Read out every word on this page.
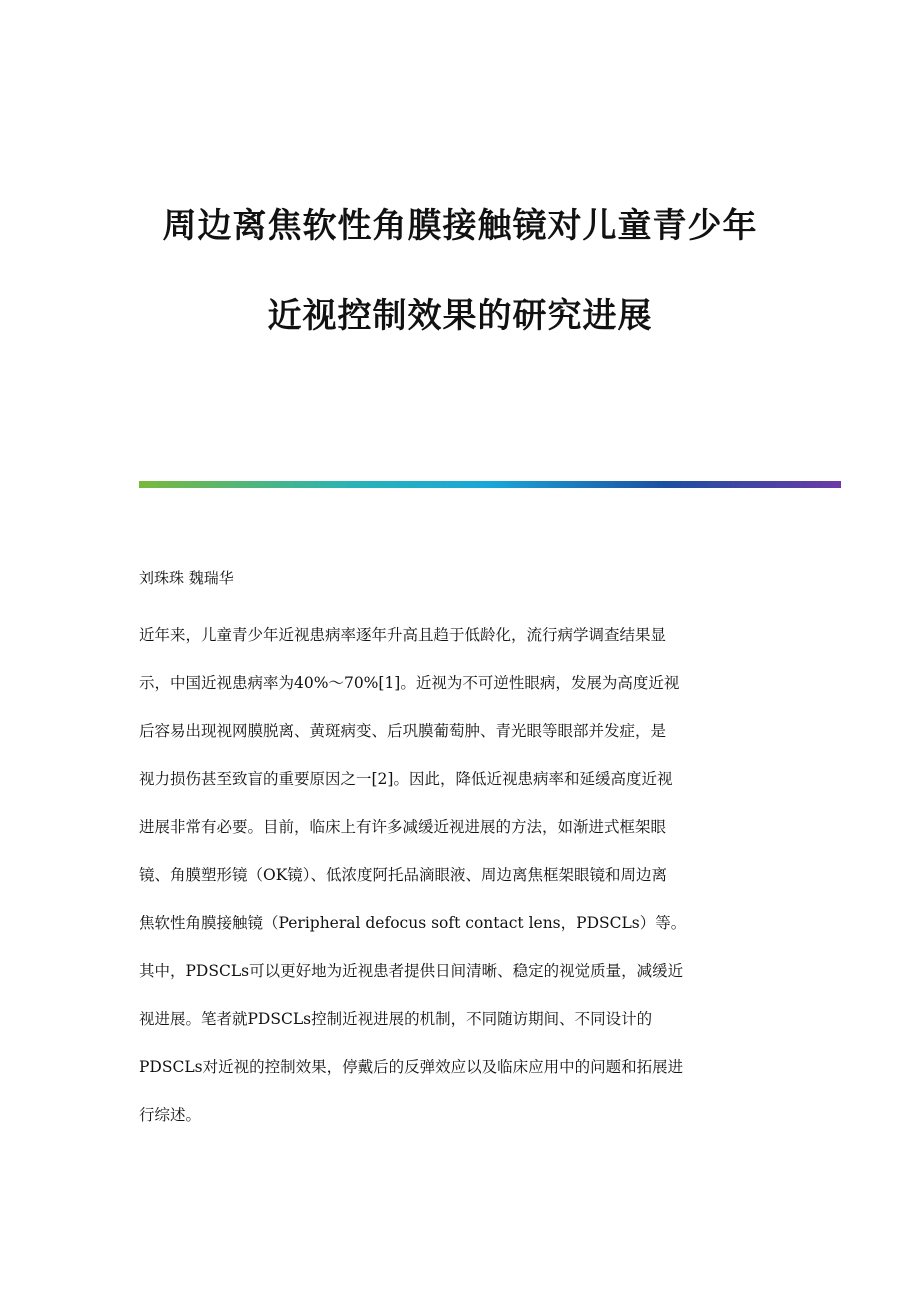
周边离焦软性角膜接触镜对儿童青少年
近视控制效果的研究进展
刘珠珠 魏瑞华
近年来，儿童青少年近视患病率逐年升高且趋于低龄化，流行病学调查结果显
示，中国近视患病率为40%～70%[1]。近视为不可逆性眼病，发展为高度近视
后容易出现视网膜脱离、黄斑病变、后巩膜葡萄肿、青光眼等眼部并发症，是
视力损伤甚至致盲的重要原因之一[2]。因此，降低近视患病率和延缓高度近视
进展非常有必要。目前，临床上有许多减缓近视进展的方法，如渐进式框架眼
镜、角膜塑形镜（OK镜）、低浓度阿托品滴眼液、周边离焦框架眼镜和周边离
焦软性角膜接触镜（Peripheral defocus soft contact lens，PDSCLs）等。
其中，PDSCLs可以更好地为近视患者提供日间清晰、稳定的视觉质量，减缓近
视进展。笔者就PDSCLs控制近视进展的机制，不同随访期间、不同设计的
PDSCLs对近视的控制效果，停戴后的反弹效应以及临床应用中的问题和拓展进
行综述。
